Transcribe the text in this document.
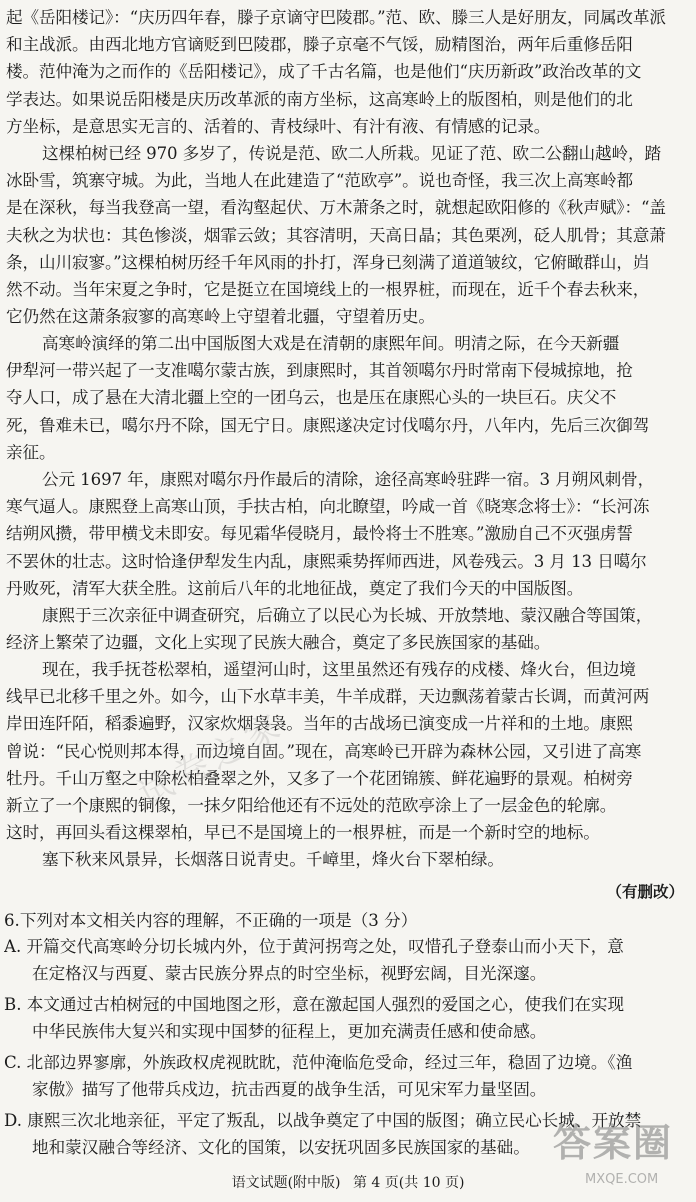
起《岳阳楼记》：“庆历四年春，滕子京谪守巴陵郡。”范、欧、滕三人是好朋友，同属改革派
和主战派。由西北地方官谪贬到巴陵郡，滕子京毫不气馁，励精图治，两年后重修岳阳
楼。范仲淹为之而作的《岳阳楼记》，成了千古名篇，也是他们“庆历新政”政治改革的文
学表达。如果说岳阳楼是庆历改革派的南方坐标，这高寒岭上的版图柏，则是他们的北
方坐标，是意思实无言的、活着的、青枝绿叶、有汁有液、有情感的记录。
这棵柏树已经 970 多岁了，传说是范、欧二人所栽。见证了范、欧二公翻山越岭，踏
冰卧雪，筑寨守城。为此，当地人在此建造了“范欧亭”。说也奇怪，我三次上高寒岭都
是在深秋，每当我登高一望，看沟壑起伏、万木萧条之时，就想起欧阳修的《秋声赋》：“盖
夫秋之为状也：其色惨淡，烟霏云敛；其容清明，天高日晶；其色栗冽，砭人肌骨；其意萧
条，山川寂寥。”这棵柏树历经千年风雨的扑打，浑身已刻满了道道皱纹，它俯瞰群山，岿
然不动。当年宋夏之争时，它是挺立在国境线上的一根界桩，而现在，近千个春去秋来，
它仍然在这萧条寂寥的高寒岭上守望着北疆，守望着历史。
高寒岭演绎的第二出中国版图大戏是在清朝的康熙年间。明清之际，在今天新疆
伊犁河一带兴起了一支准噶尔蒙古族，到康熙时，其首领噶尔丹时常南下侵城掠地，抢
夺人口，成了悬在大清北疆上空的一团乌云，也是压在康熙心头的一块巨石。庆父不
死，鲁难未已，噶尔丹不除，国无宁日。康熙遂决定讨伐噶尔丹，八年内，先后三次御驾
亲征。
公元 1697 年，康熙对噶尔丹作最后的清除，途径高寒岭驻跸一宿。3 月朔风刺骨，
寒气逼人。康熙登上高寒山顶，手扶古柏，向北瞭望，吟咸一首《晓寒念将士》：“长河冻
结朔风攒，带甲横戈未即安。每见霜华侵晓月，最怜将士不胜寒。”激励自己不灭强虏誓
不罢休的壮志。这时恰逢伊犁发生内乱，康熙乘势挥师西进，风卷残云。3 月 13 日噶尔
丹败死，清军大获全胜。这前后八年的北地征战，奠定了我们今天的中国版图。
康熙于三次亲征中调查研究，后确立了以民心为长城、开放禁地、蒙汉融合等国策，
经济上繁荣了边疆，文化上实现了民族大融合，奠定了多民族国家的基础。
现在，我手抚苍松翠柏，遥望河山时，这里虽然还有残存的戍楼、烽火台，但边境
线早已北移千里之外。如今，山下水草丰美，牛羊成群，天边飘荡着蒙古长调，而黄河两
岸田连阡陌，稻黍遍野，汉家炊烟袅袅。当年的古战场已演变成一片祥和的土地。康熙
曾说：“民心悦则邦本得，而边境自固。”现在，高寒岭已开辟为森林公园，又引进了高寒
牡丹。千山万壑之中除松柏叠翠之外，又多了一个花团锦簇、鲜花遍野的景观。柏树旁
新立了一个康熙的铜像，一抹夕阳给他还有不远处的范欧亭涂上了一层金色的轮廓。
这时，再回头看这棵翠柏，早已不是国境上的一根界桩，而是一个新时空的地标。
塞下秋来风景异，长烟落日说青史。千嶂里，烽火台下翠柏绿。
（有删改）
6.下列对本文相关内容的理解，不正确的一项是（3 分）
A. 开篇交代高寒岭分切长城内外，位于黄河拐弯之处，叹惜孔子登泰山而小天下，意
在定格汉与西夏、蒙古民族分界点的时空坐标，视野宏阔，目光深邃。
B. 本文通过古柏树冠的中国地图之形，意在激起国人强烈的爱国之心，使我们在实现
中华民族伟大复兴和实现中国梦的征程上，更加充满责任感和使命感。
C. 北部边界寥廓，外族政权虎视眈眈，范仲淹临危受命，经过三年，稳固了边境。《渔
家傲》描写了他带兵戍边，抗击西夏的战争生活，可见宋军力量坚固。
D. 康熙三次北地亲征，平定了叛乱，以战争奠定了中国的版图；确立民心长城、开放禁
地和蒙汉融合等经济、文化的国策，以安抚巩固多民族国家的基础。
语文试题(附中版) 第 4 页(共 10 页)
试卷之家
答案圈
MXQE.COM
